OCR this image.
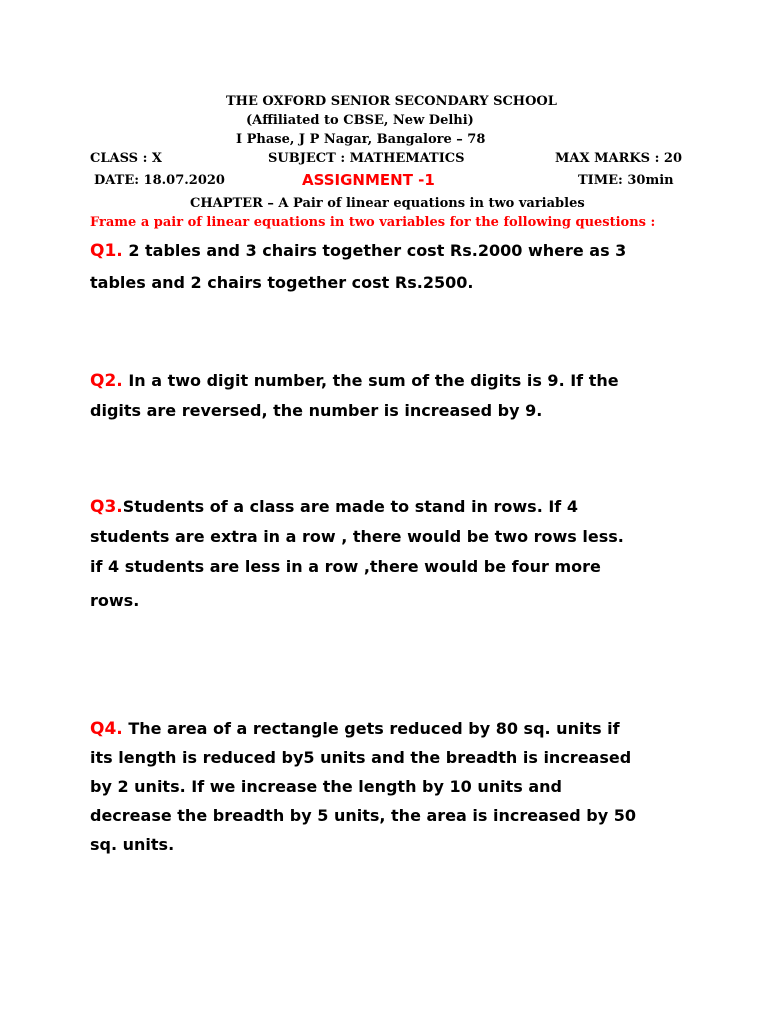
THE OXFORD SENIOR SECONDARY SCHOOL
(Affiliated to CBSE, New Delhi)
I Phase, J P Nagar, Bangalore – 78
CLASS : X	SUBJECT : MATHEMATICS	MAX MARKS : 20
DATE: 18.07.2020	ASSIGNMENT -1	TIME: 30min
CHAPTER – A Pair of linear equations in two variables
Frame a pair of linear equations in two variables for the following questions :
Q1. 2 tables and 3 chairs together cost Rs.2000 where as 3
tables and 2 chairs together cost Rs.2500.
Q2. In a two digit number, the sum of the digits is 9. If the
digits are reversed, the number is increased by 9.
Q3.Students of a class are made to stand in rows. If 4
students are extra in a row , there would be two rows less.
if 4 students are less in a row ,there would be four more
rows.
Q4. The area of a rectangle gets reduced by 80 sq. units if
its length is reduced by5 units and the breadth is increased
by 2 units. If we increase the length by 10 units and
decrease the breadth by 5 units, the area is increased by 50
sq. units.
